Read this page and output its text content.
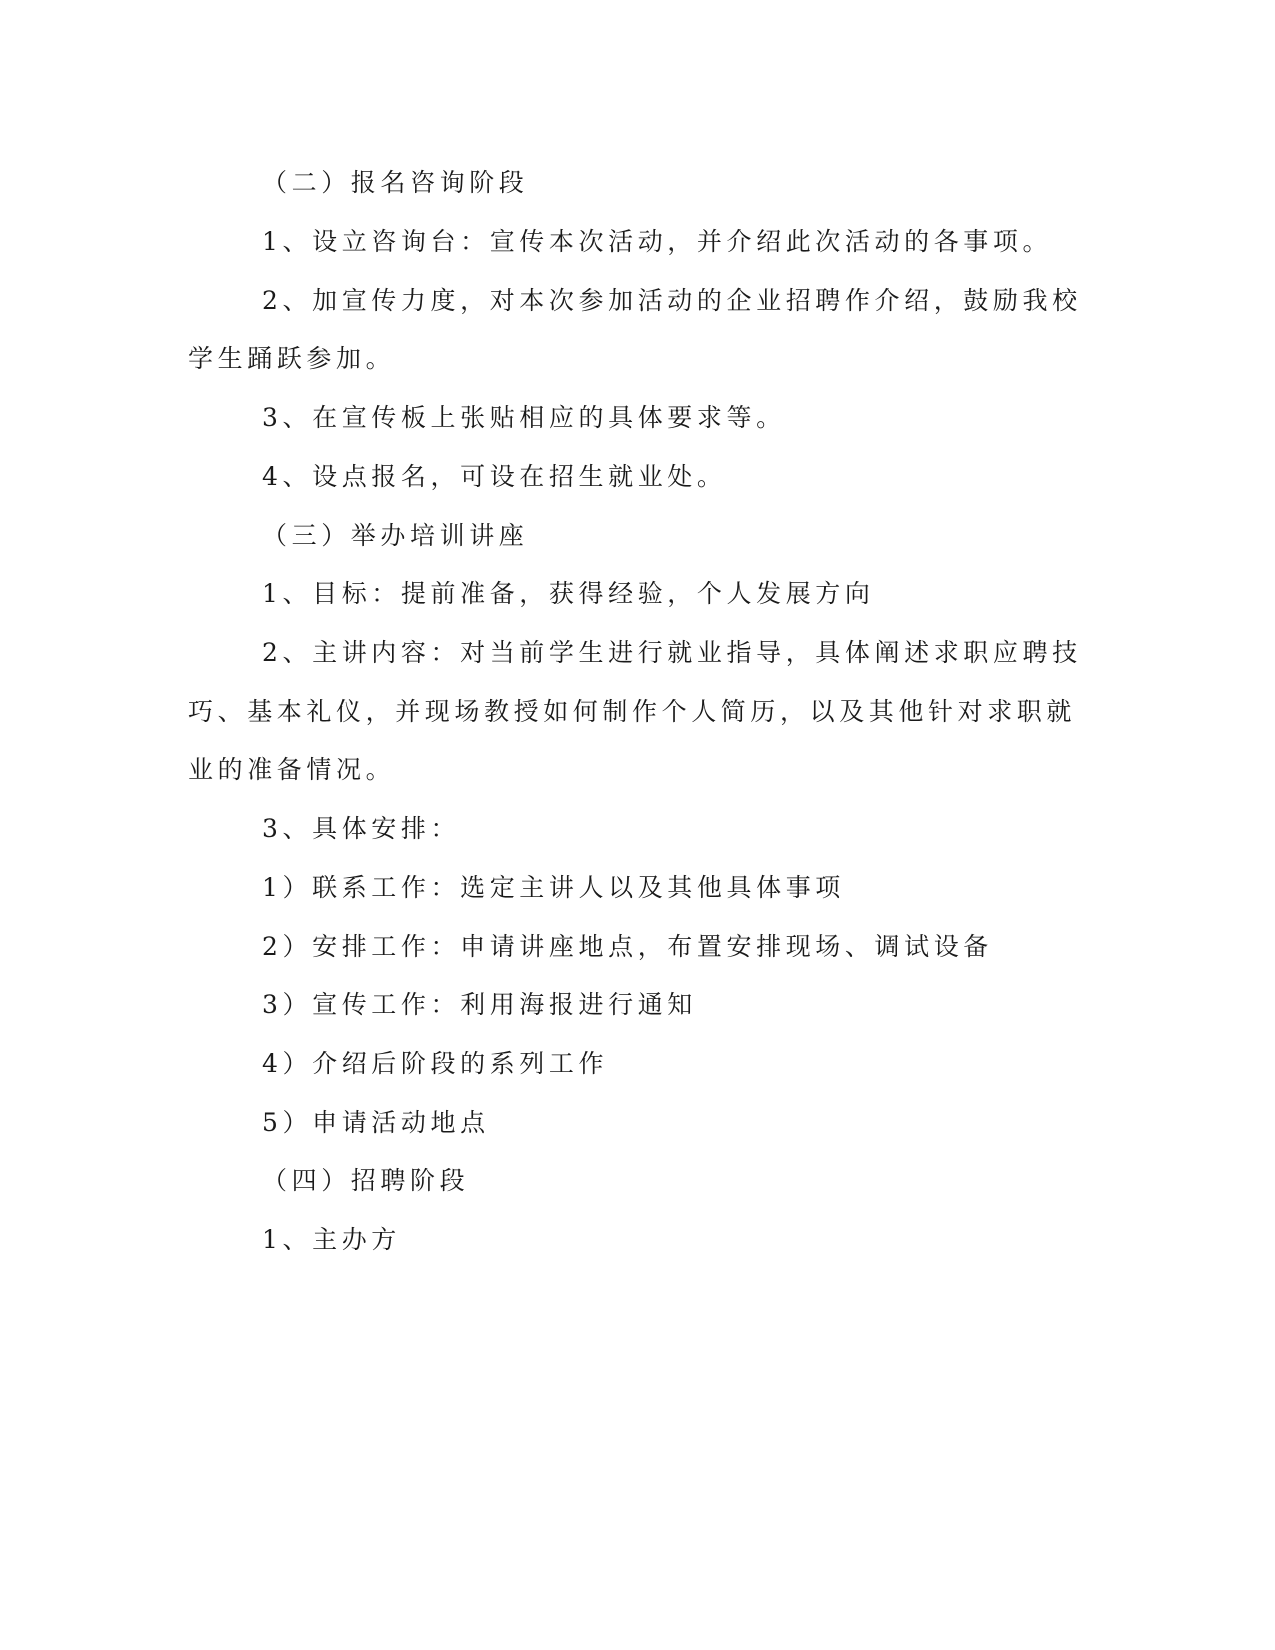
（二）报名咨询阶段
1、设立咨询台：宣传本次活动，并介绍此次活动的各事项。
2、加宣传力度，对本次参加活动的企业招聘作介绍，鼓励我校
学生踊跃参加。
3、在宣传板上张贴相应的具体要求等。
4、设点报名，可设在招生就业处。
（三）举办培训讲座
1、目标：提前准备，获得经验，个人发展方向
2、主讲内容：对当前学生进行就业指导，具体阐述求职应聘技
巧、基本礼仪，并现场教授如何制作个人简历，以及其他针对求职就
业的准备情况。
3、具体安排：
1）联系工作：选定主讲人以及其他具体事项
2）安排工作：申请讲座地点，布置安排现场、调试设备
3）宣传工作：利用海报进行通知
4）介绍后阶段的系列工作
5）申请活动地点
（四）招聘阶段
1、主办方
